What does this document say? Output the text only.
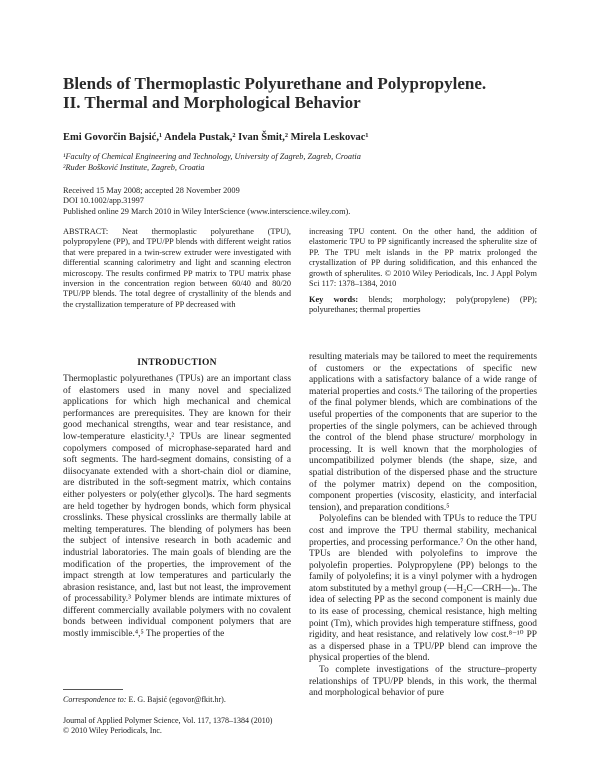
Blends of Thermoplastic Polyurethane and Polypropylene.
II. Thermal and Morphological Behavior
Emi Govorčin Bajsić,¹ Anđela Pustak,² Ivan Šmit,² Mirela Leskovac¹
¹Faculty of Chemical Engineering and Technology, University of Zagreb, Zagreb, Croatia
²Ruđer Bošković Institute, Zagreb, Croatia
Received 15 May 2008; accepted 28 November 2009
DOI 10.1002/app.31997
Published online 29 March 2010 in Wiley InterScience (www.interscience.wiley.com).
ABSTRACT: Neat thermoplastic polyurethane (TPU), polypropylene (PP), and TPU/PP blends with different weight ratios that were prepared in a twin-screw extruder were investigated with differential scanning calorimetry and light and scanning electron microscopy. The results confirmed PP matrix to TPU matrix phase inversion in the concentration region between 60/40 and 80/20 TPU/PP blends. The total degree of crystallinity of the blends and the crystallization temperature of PP decreased with
increasing TPU content. On the other hand, the addition of elastomeric TPU to PP significantly increased the spherulite size of PP. The TPU melt islands in the PP matrix prolonged the crystallization of PP during solidification, and this enhanced the growth of spherulites. © 2010 Wiley Periodicals, Inc. J Appl Polym Sci 117: 1378–1384, 2010
Key words: blends; morphology; poly(propylene) (PP); polyurethanes; thermal properties
INTRODUCTION
Thermoplastic polyurethanes (TPUs) are an important class of elastomers used in many novel and specialized applications for which high mechanical and chemical performances are prerequisites. They are known for their good mechanical strengths, wear and tear resistance, and low-temperature elasticity.¹,² TPUs are linear segmented copolymers composed of microphase-separated hard and soft segments. The hard-segment domains, consisting of a diisocyanate extended with a short-chain diol or diamine, are distributed in the soft-segment matrix, which contains either polyesters or poly(ether glycol)s. The hard segments are held together by hydrogen bonds, which form physical crosslinks. These physical crosslinks are thermally labile at melting temperatures. The blending of polymers has been the subject of intensive research in both academic and industrial laboratories. The main goals of blending are the modification of the properties, the improvement of the impact strength at low temperatures and particularly the abrasion resistance, and, last but not least, the improvement of processability.³ Polymer blends are intimate mixtures of different commercially available polymers with no covalent bonds between individual component polymers that are mostly immiscible.⁴,⁵ The properties of the

resulting materials may be tailored to meet the requirements of customers or the expectations of specific new applications with a satisfactory balance of a wide range of material properties and costs.⁶ The tailoring of the properties of the final polymer blends, which are combinations of the useful properties of the components that are superior to the properties of the single polymers, can be achieved through the control of the blend phase structure/ morphology in processing. It is well known that the morphologies of uncompatibilized polymer blends (the shape, size, and spatial distribution of the dispersed phase and the structure of the polymer matrix) depend on the composition, component properties (viscosity, elasticity, and interfacial tension), and preparation conditions.⁵

Polyolefins can be blended with TPUs to reduce the TPU cost and improve the TPU thermal stability, mechanical properties, and processing performance.⁷ On the other hand, TPUs are blended with polyolefins to improve the polyolefin properties. Polypropylene (PP) belongs to the family of polyolefins; it is a vinyl polymer with a hydrogen atom substituted by a methyl group (—H₂C—CRH—)ₙ. The idea of selecting PP as the second component is mainly due to its ease of processing, chemical resistance, high melting point (Tm), which provides high temperature stiffness, good rigidity, and heat resistance, and relatively low cost.⁸⁻¹⁰ PP as a dispersed phase in a TPU/PP blend can improve the physical properties of the blend.

To complete investigations of the structure–property relationships of TPU/PP blends, in this work, the thermal and morphological behavior of pure

Correspondence to: E. G. Bajsić (egovor@fkit.hr).
Journal of Applied Polymer Science, Vol. 117, 1378–1384 (2010)
© 2010 Wiley Periodicals, Inc.
